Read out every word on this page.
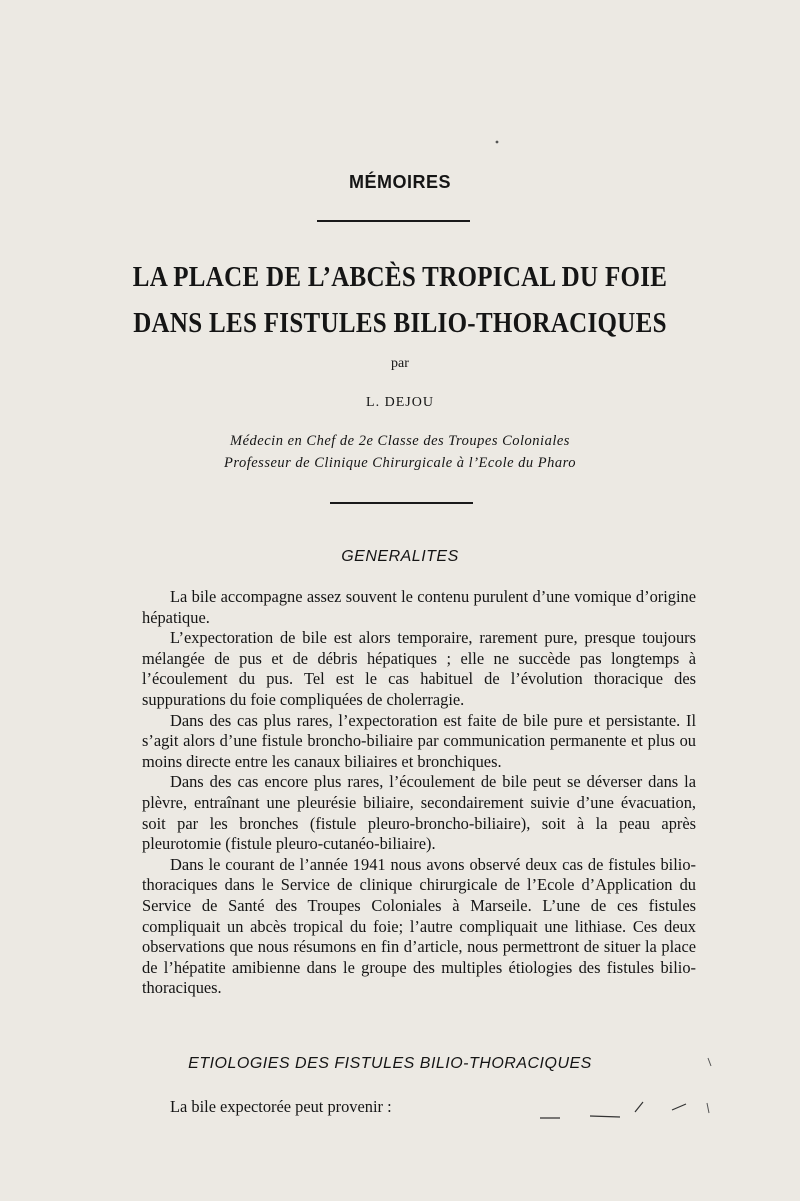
MÉMOIRES
LA PLACE DE L’ABCÈS TROPICAL DU FOIE
DANS LES FISTULES BILIO-THORACIQUES
par
L. DEJOU
Médecin en Chef de 2e Classe des Troupes Coloniales
Professeur de Clinique Chirurgicale à l’Ecole du Pharo
GENERALITES

La bile accompagne assez souvent le contenu purulent d’une vomique d’origine hépatique.

L’expectoration de bile est alors temporaire, rarement pure, presque toujours mélangée de pus et de débris hépatiques ; elle ne succède pas longtemps à l’écoulement du pus. Tel est le cas habituel de l’évolution thoracique des suppurations du foie compliquées de cholerragie.

Dans des cas plus rares, l’expectoration est faite de bile pure et persistante. Il s’agit alors d’une fistule broncho-biliaire par communication permanente et plus ou moins directe entre les canaux biliaires et bronchiques.

Dans des cas encore plus rares, l’écoulement de bile peut se déverser dans la plèvre, entraînant une pleurésie biliaire, secondairement suivie d’une évacuation, soit par les bronches (fistule pleuro-broncho-biliaire), soit à la peau après pleurotomie (fistule pleuro-cutanéo-biliaire).

Dans le courant de l’année 1941 nous avons observé deux cas de fistules bilio-thoraciques dans le Service de clinique chirurgicale de l’Ecole d’Application du Service de Santé des Troupes Coloniales à Marseile. L’une de ces fistules compliquait un abcès tropical du foie; l’autre compliquait une lithiase. Ces deux observations que nous résumons en fin d’article, nous permettront de situer la place de l’hépatite amibienne dans le groupe des multiples étiologies des fistules bilio-thoraciques.

ETIOLOGIES DES FISTULES BILIO-THORACIQUES
La bile expectorée peut provenir :
